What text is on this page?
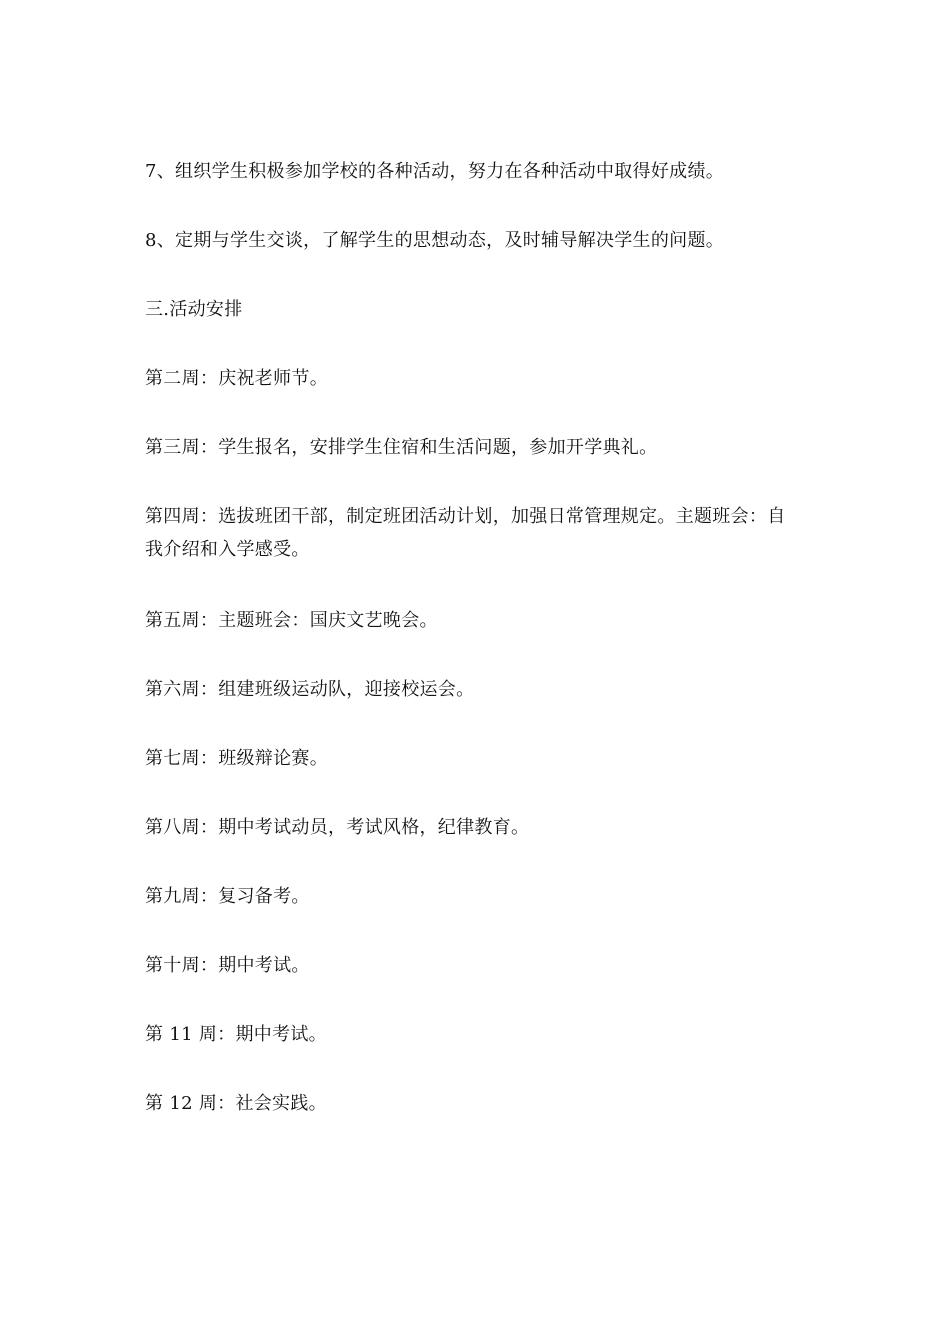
7、组织学生积极参加学校的各种活动，努力在各种活动中取得好成绩。

8、定期与学生交谈，了解学生的思想动态，及时辅导解决学生的问题。

三.活动安排

第二周：庆祝老师节。

第三周：学生报名，安排学生住宿和生活问题，参加开学典礼。

第四周：选拔班团干部，制定班团活动计划，加强日常管理规定。主题班会：自我介绍和入学感受。

第五周：主题班会：国庆文艺晚会。

第六周：组建班级运动队，迎接校运会。

第七周：班级辩论赛。

第八周：期中考试动员，考试风格，纪律教育。

第九周：复习备考。

第十周：期中考试。

第 11 周：期中考试。

第 12 周：社会实践。
